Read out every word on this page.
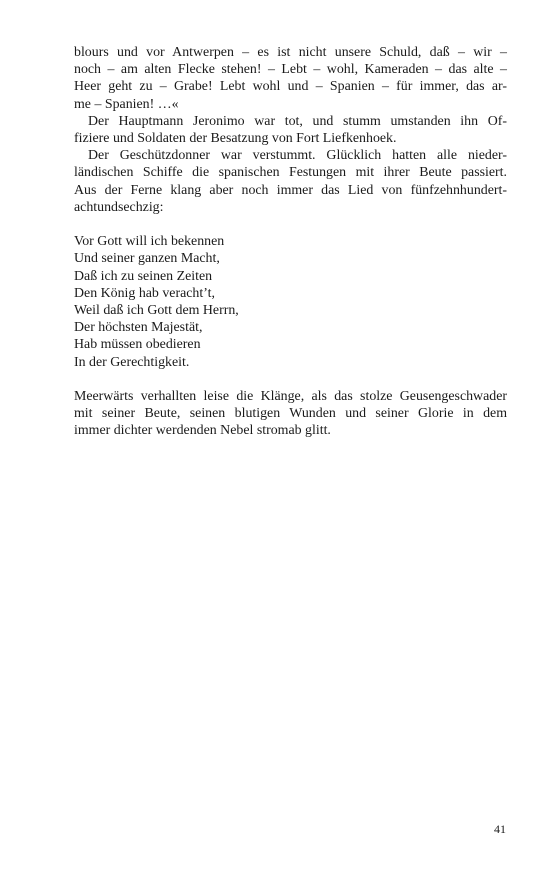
blours und vor Antwerpen – es ist nicht unsere Schuld, daß – wir –
noch – am alten Flecke stehen! – Lebt – wohl, Kameraden – das alte –
Heer geht zu – Grabe! Lebt wohl und – Spanien – für immer, das ar-
me – Spanien! …«

Der Hauptmann Jeronimo war tot, und stumm umstanden ihn Of-
fiziere und Soldaten der Besatzung von Fort Liefkenhoek.

Der Geschützdonner war verstummt. Glücklich hatten alle nieder-
ländischen Schiffe die spanischen Festungen mit ihrer Beute passiert.
Aus der Ferne klang aber noch immer das Lied von fünfzehnhundert-
achtundsechzig:

Vor Gott will ich bekennen
Und seiner ganzen Macht,
Daß ich zu seinen Zeiten
Den König hab veracht’t,
Weil daß ich Gott dem Herrn,
Der höchsten Majestät,
Hab müssen obedieren
In der Gerechtigkeit.

Meerwärts verhallten leise die Klänge, als das stolze Geusengeschwader
mit seiner Beute, seinen blutigen Wunden und seiner Glorie in dem
immer dichter werdenden Nebel stromab glitt.

41
